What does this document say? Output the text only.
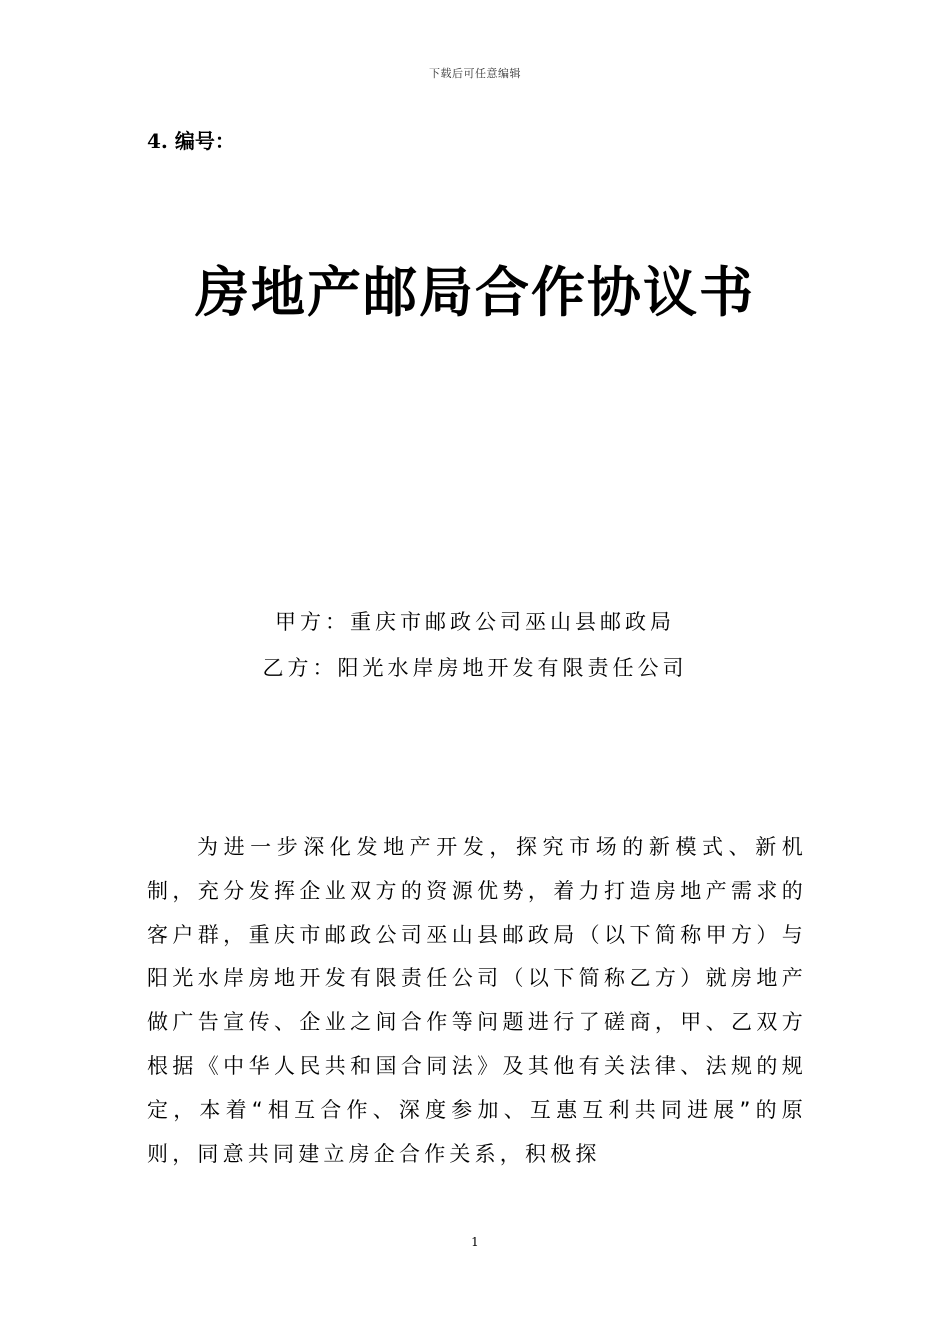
下载后可任意编辑
4. 编号：
房地产邮局合作协议书
甲方：重庆市邮政公司巫山县邮政局
乙方：阳光水岸房地开发有限责任公司

为进一步深化发地产开发，探究市场的新模式、新机制，充分发挥企业双方的资源优势，着力打造房地产需求的客户群，重庆市邮政公司巫山县邮政局（以下简称甲方）与阳光水岸房地开发有限责任公司（以下简称乙方）就房地产做广告宣传、企业之间合作等问题进行了磋商，甲、乙双方根据《中华人民共和国合同法》及其他有关法律、法规的规定，本着“相互合作、深度参加、互惠互利共同进展”的原则，同意共同建立房企合作关系，积极探

1
